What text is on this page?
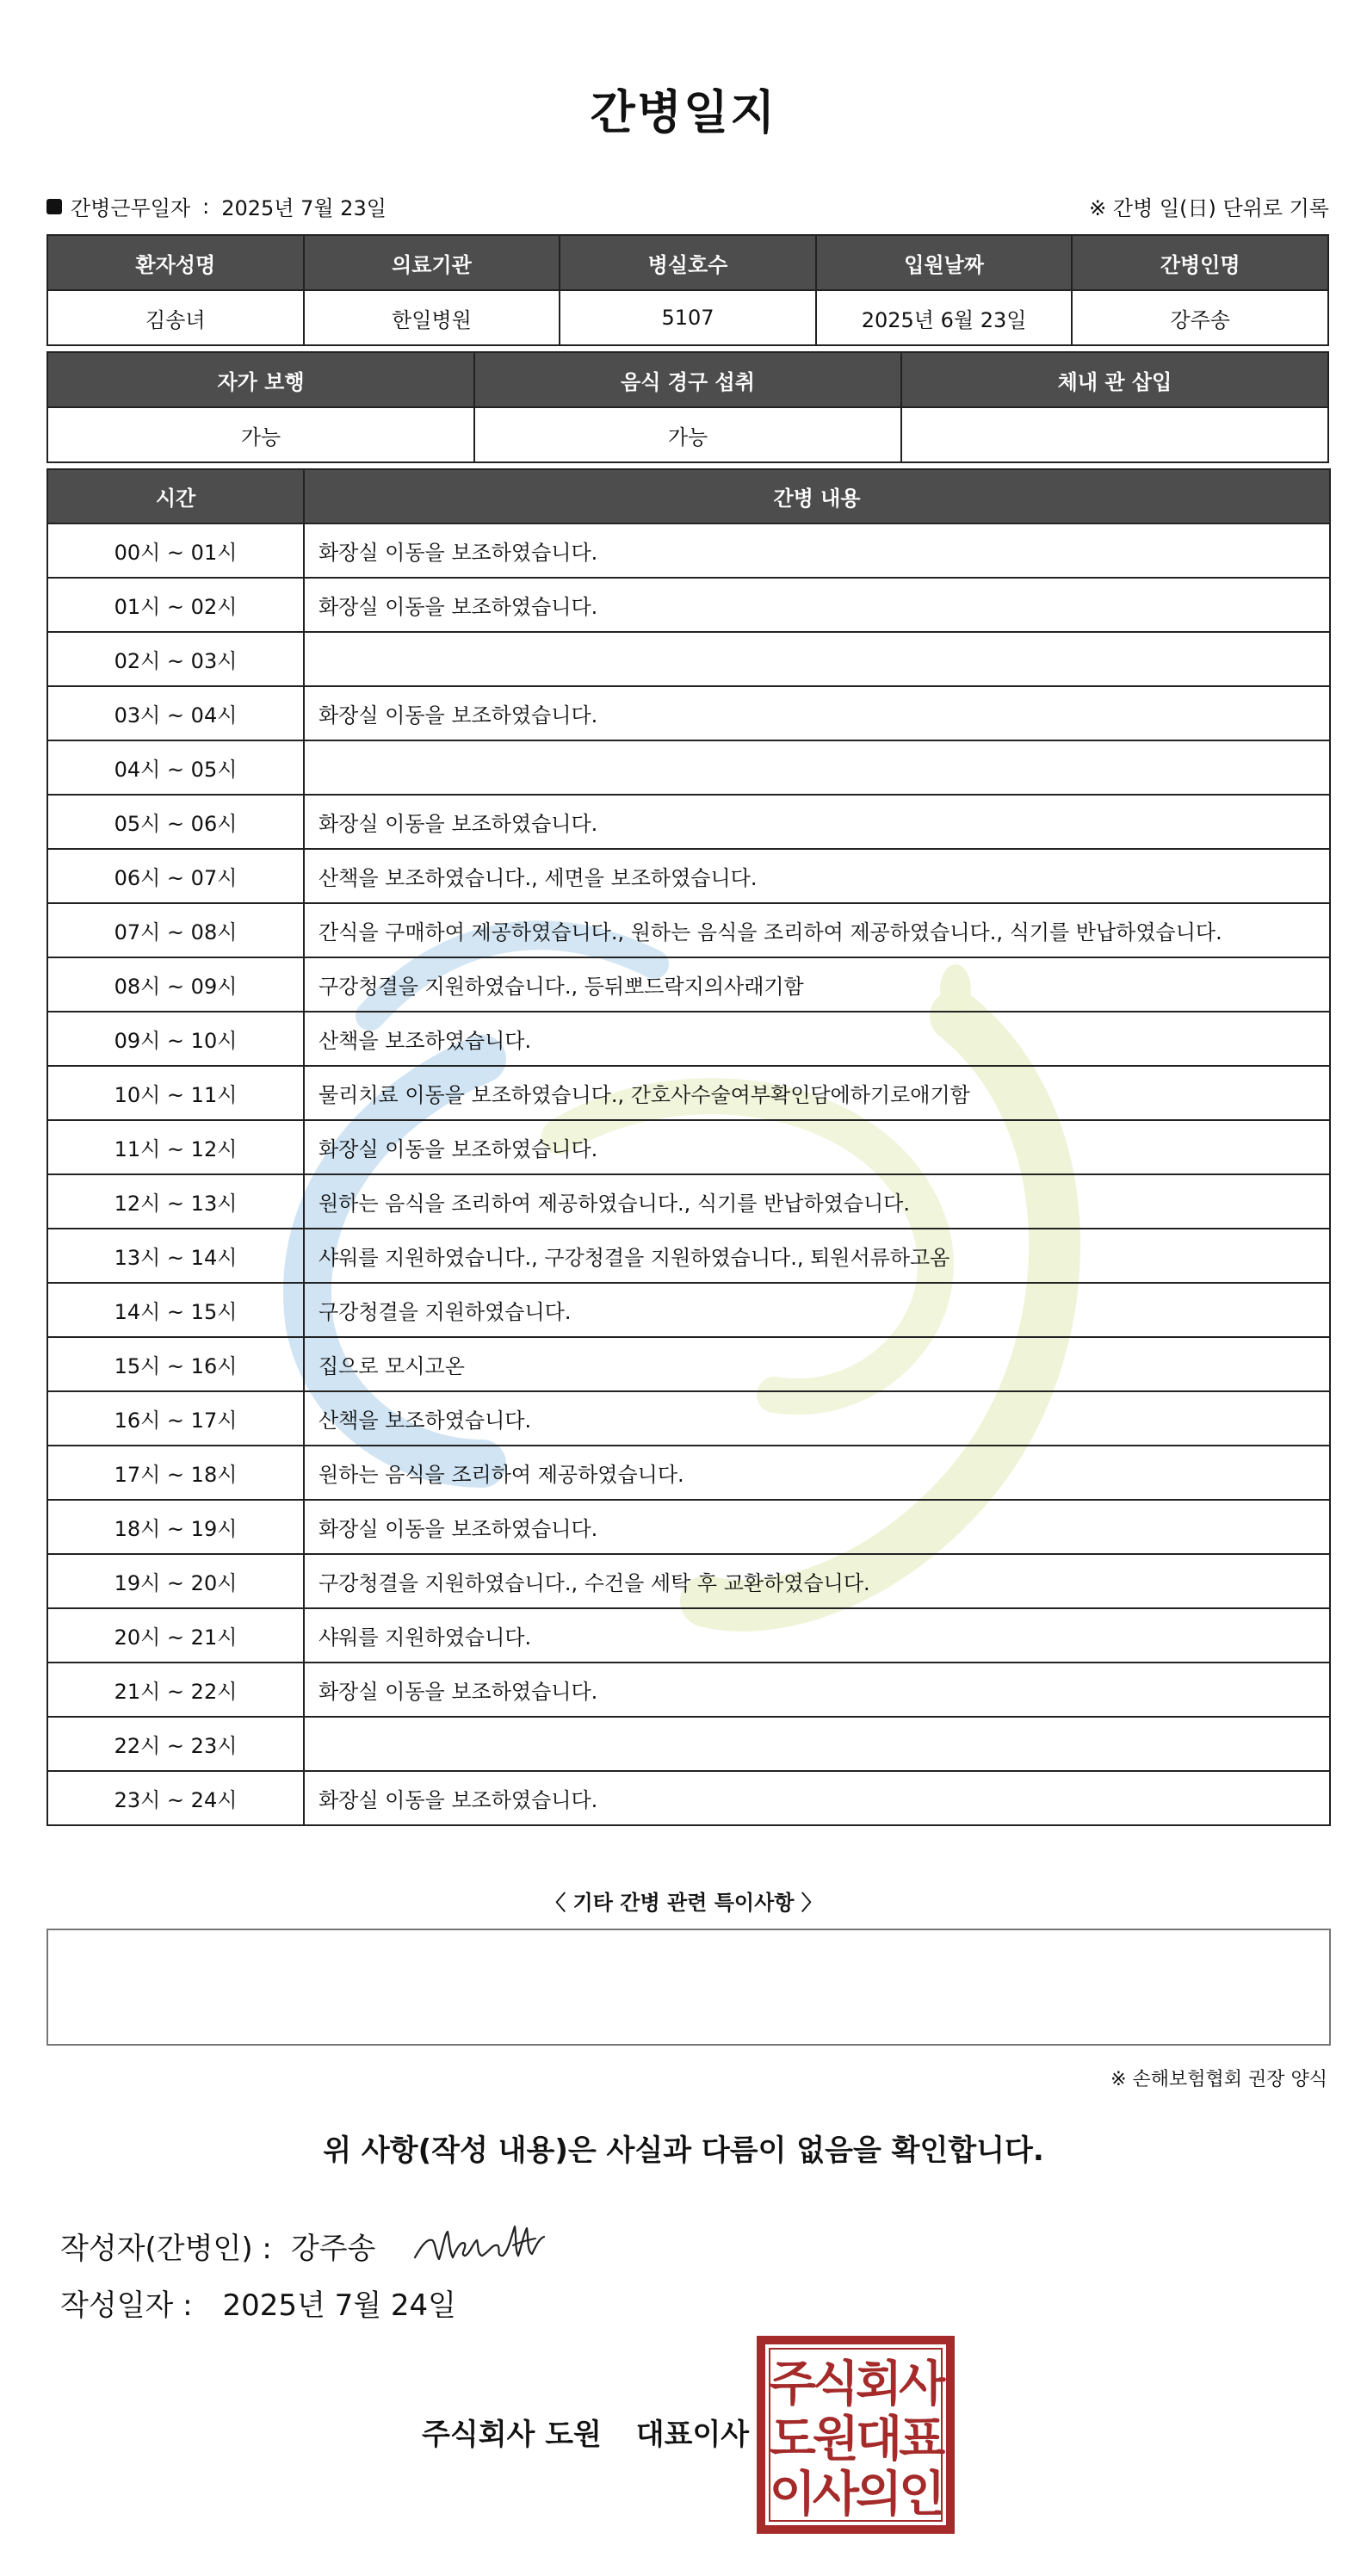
간병일지
간병근무일자 : 2025년 7월 23일	※ 간병 일(日) 단위로 기록
환자성명	의료기관	병실호수	입원날짜	간병인명
김송녀	한일병원	5107	2025년 6월 23일	강주송
자가 보행	음식 경구 섭취	체내 관 삽입
가능	가능	
시간	간병 내용
00시 ~ 01시	화장실 이동을 보조하였습니다.
01시 ~ 02시	화장실 이동을 보조하였습니다.
02시 ~ 03시	
03시 ~ 04시	화장실 이동을 보조하였습니다.
04시 ~ 05시	
05시 ~ 06시	화장실 이동을 보조하였습니다.
06시 ~ 07시	산책을 보조하였습니다., 세면을 보조하였습니다.
07시 ~ 08시	간식을 구매하여 제공하였습니다., 원하는 음식을 조리하여 제공하였습니다., 식기를 반납하였습니다.
08시 ~ 09시	구강청결을 지원하였습니다., 등뒤뽀드락지의사래기함
09시 ~ 10시	산책을 보조하였습니다.
10시 ~ 11시	물리치료 이동을 보조하였습니다., 간호사수술여부확인담에하기로애기함
11시 ~ 12시	화장실 이동을 보조하였습니다.
12시 ~ 13시	원하는 음식을 조리하여 제공하였습니다., 식기를 반납하였습니다.
13시 ~ 14시	샤워를 지원하였습니다., 구강청결을 지원하였습니다., 퇴원서류하고옴
14시 ~ 15시	구강청결을 지원하였습니다.
15시 ~ 16시	집으로 모시고온
16시 ~ 17시	산책을 보조하였습니다.
17시 ~ 18시	원하는 음식을 조리하여 제공하였습니다.
18시 ~ 19시	화장실 이동을 보조하였습니다.
19시 ~ 20시	구강청결을 지원하였습니다., 수건을 세탁 후 교환하였습니다.
20시 ~ 21시	샤워를 지원하였습니다.
21시 ~ 22시	화장실 이동을 보조하였습니다.
22시 ~ 23시	
23시 ~ 24시	화장실 이동을 보조하였습니다.
〈 기타 간병 관련 특이사항 〉
※ 손해보험협회 권장 양식
위 사항(작성 내용)은 사실과 다름이 없음을 확인합니다.
작성자(간병인) : 강주송
작성일자 : 2025년 7월 24일
주식회사 도원 대표이사
주식회사
도원대표
이사의인
